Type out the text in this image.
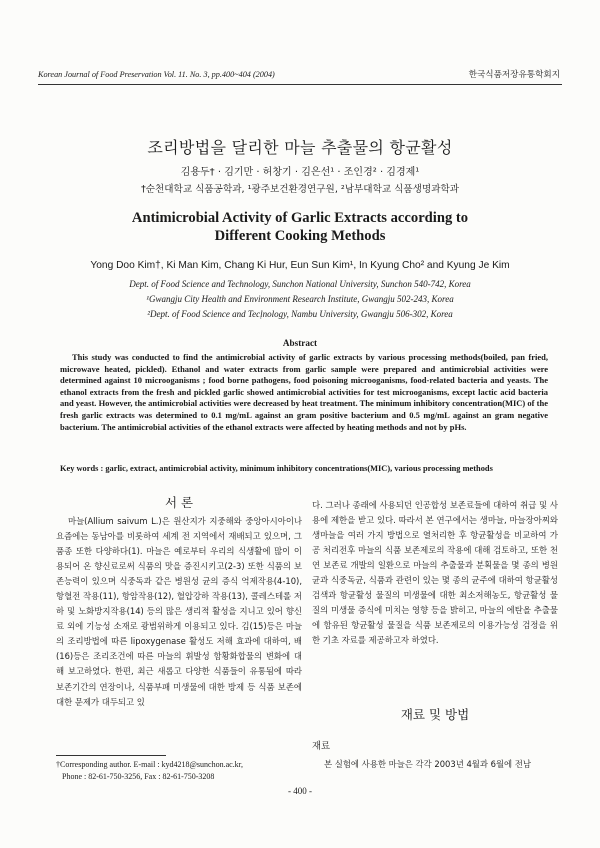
Korean Journal of Food Preservation Vol. 11. No. 3, pp.400~404 (2004)	한국식품저장유통학회지
조리방법을 달리한 마늘 추출물의 항균활성
김용두† · 김기만 · 허창기 · 김은선¹ · 조인경² · 김경제¹
†순천대학교 식품공학과, ¹광주보건환경연구원, ²남부대학교 식품생명과학과
Antimicrobial Activity of Garlic Extracts according to
Different Cooking Methods
Yong Doo Kim†, Ki Man Kim, Chang Ki Hur, Eun Sun Kim¹, In Kyung Cho² and Kyung Je Kim
Dept. of Food Science and Technology, Sunchon National University, Sunchon 540-742, Korea
¹Gwangju City Health and Environment Research Institute, Gwangju 502-243, Korea
²Dept. of Food Science and Tecḷnology, Nambu University, Gwangju 506-302, Korea
Abstract

This study was conducted to find the antimicrobial activity of garlic extracts by various processing methods(boiled, pan fried, microwave heated, pickled). Ethanol and water extracts from garlic sample were prepared and antimicrobial activities were determined against 10 microoganisms ; food borne pathogens, food poisoning microoganisms, food-related bacteria and yeasts. The ethanol extracts from the fresh and pickled garlic showed antimicrobial activities for test microoganisms, except lactic acid bacteria and yeast. However, the antimicrobial activities were decreased by heat treatment. The minimum inhibitory concentration(MIC) of the fresh garlic extracts was determined to 0.1 mg/mL against an gram positive bacterium and 0.5 mg/mL against an gram negative bacterium. The antimicrobial activities of the ethanol extracts were affected by heating methods and not by pHs.

Key words : garlic, extract, antimicrobial activity, minimum inhibitory concentrations(MIC), various processing methods
서 론

마늘(Allium saivum L.)은 원산지가 지중해와 중앙아시아이나 요즘에는 동남아를 비롯하여 세계 전 지역에서 재배되고 있으며, 그 품종 또한 다양하다(1). 마늘은 예로부터 우리의 식생활에 많이 이용되어 온 향신료로써 식품의 맛을 증진시키고(2-3) 또한 식품의 보존능력이 있으며 식중독과 같은 병원성 균의 증식 억제작용(4-10), 항혈전 작용(11), 항암작용(12), 혈압강하 작용(13), 콜레스테롤 저하 및 노화방지작용(14) 등의 많은 생리적 활성을 지니고 있어 향신료 외에 기능성 소재로 광범위하게 이용되고 있다. 김(15)등은 마늘의 조리방법에 따른 lipoxygenase 활성도 저해 효과에 대하여, 배(16)등은 조리조건에 따른 마늘의 휘발성 함황화합물의 변화에 대해 보고하였다. 한편, 최근 새롭고 다양한 식품들이 유통됨에 따라 보존기간의 연장이나, 식품부패 미생물에 대한 방제 등 식품 보존에 대한 문제가 대두되고 있

다. 그러나 종래에 사용되던 인공합성 보존료들에 대하여 취급 및 사용에 제한을 받고 있다. 따라서 본 연구에서는 생마늘, 마늘장아찌와 생마늘을 여러 가지 방법으로 열처리한 후 항균활성을 비교하여 가공 처리전후 마늘의 식품 보존제로의 작용에 대해 검토하고, 또한 천연 보존료 개발의 일환으로 마늘의 추출물과 분획물을 몇 종의 병원균과 식중독균, 식품과 관련이 있는 몇 종의 균주에 대하여 항균활성 검색과 항균활성 물질의 미생물에 대한 최소저해농도, 항균활성 물질의 미생물 증식에 미치는 영향 등을 밝히고, 마늘의 에탄올 추출물에 함유된 항균활성 물질을 식품 보존제로의 이용가능성 검정을 위한 기초 자료를 제공하고자 하였다.

재료 및 방법
재료

본 실험에 사용한 마늘은 각각 2003년 4월과 6월에 전남

†Corresponding author. E-mail : kyd4218@sunchon.ac.kr,
Phone : 82-61-750-3256, Fax : 82-61-750-3208
- 400 -
